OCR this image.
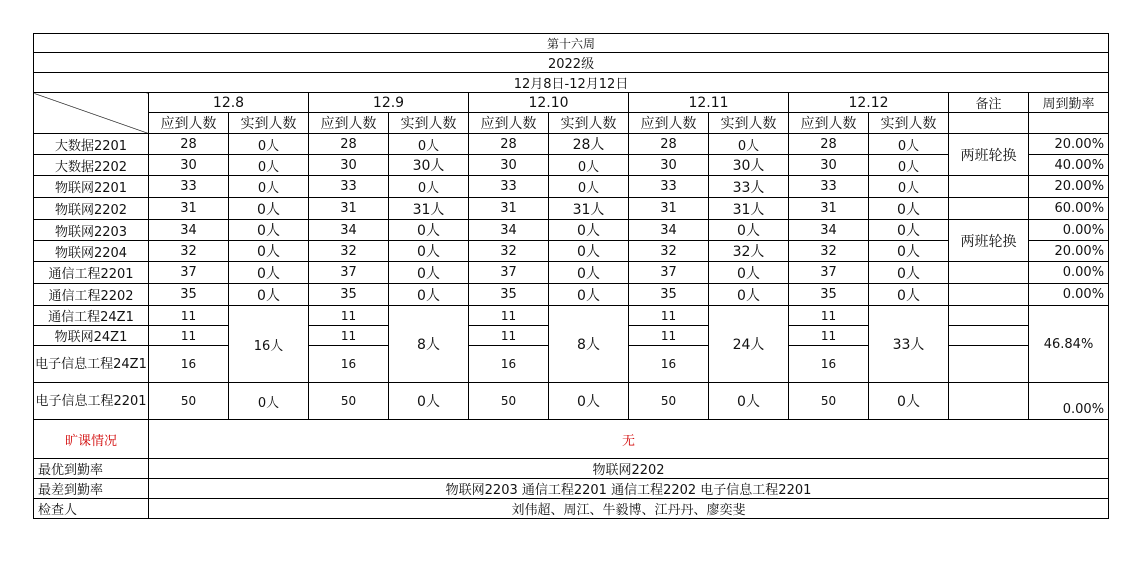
第十六周												
2022级												
12月8日-12月12日												
	12.8		12.9		12.10		12.11		12.12		备注	周到勤率
	应到人数	实到人数	应到人数	实到人数	应到人数	实到人数	应到人数	实到人数	应到人数	实到人数		
大数据2201	28	0人	28	0人	28	28人	28	0人	28	0人	两班轮换	20.00%
大数据2202	30	0人	30	30人	30	0人	30	30人	30	0人		40.00%
物联网2201	33	0人	33	0人	33	0人	33	33人	33	0人		20.00%
物联网2202	31	0人	31	31人	31	31人	31	31人	31	0人		60.00%
物联网2203	34	0人	34	0人	34	0人	34	0人	34	0人	两班轮换	0.00%
物联网2204	32	0人	32	0人	32	0人	32	32人	32	0人		20.00%
通信工程2201	37	0人	37	0人	37	0人	37	0人	37	0人		0.00%
通信工程2202	35	0人	35	0人	35	0人	35	0人	35	0人		0.00%
通信工程24Z1	11	16人	11	8人	11	8人	11	24人	11	33人		46.84%
物联网24Z1	11		11		11		11		11			
电子信息工程24Z1	16		16		16		16		16			
电子信息工程2201	50	0人	50	0人	50	0人	50	0人	50	0人		0.00%
旷课情况	无											
最优到勤率	物联网2202											
最差到勤率	物联网2203 通信工程2201 通信工程2202 电子信息工程2201											
检查人	刘伟超、周江、牛毅博、江丹丹、廖奕斐											
